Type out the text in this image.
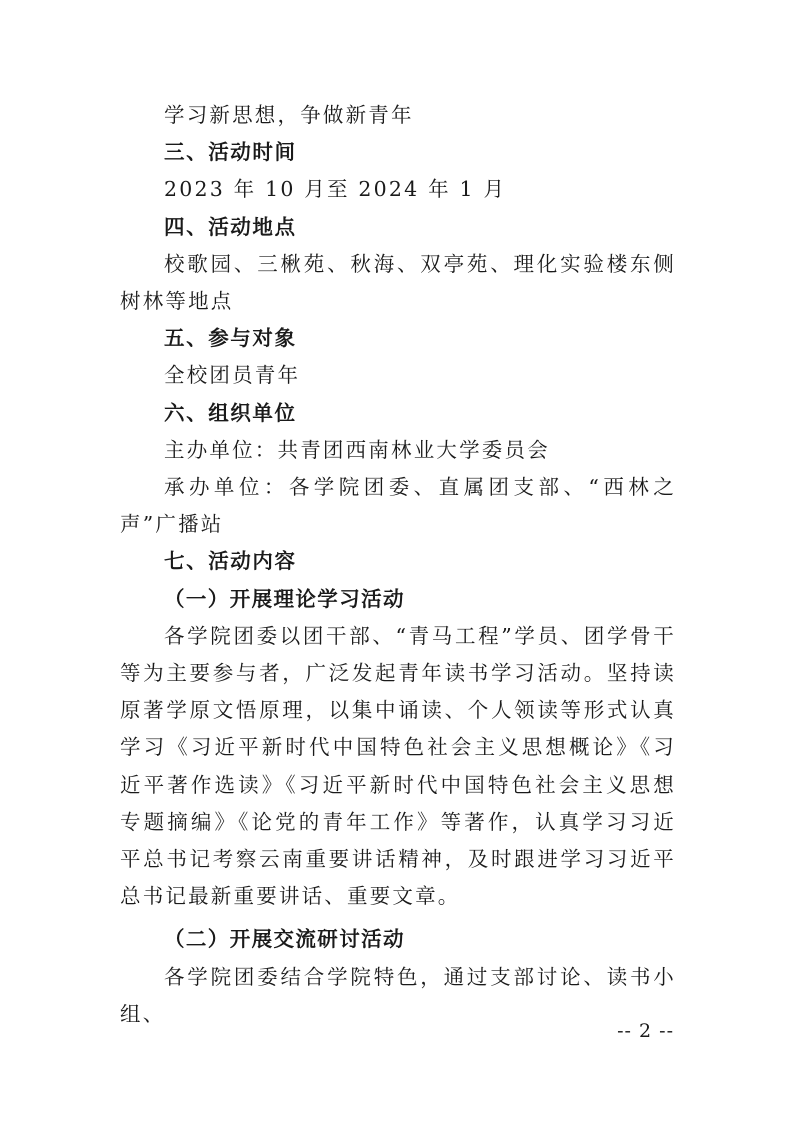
学习新思想，争做新青年
三、活动时间
2023 年 10 月至 2024 年 1 月
四、活动地点

校歌园、三楸苑、秋海、双亭苑、理化实验楼东侧树林等地点

五、参与对象
全校团员青年
六、组织单位
主办单位：共青团西南林业大学委员会

承办单位：各学院团委、直属团支部、“西林之声”广播站

七、活动内容
（一）开展理论学习活动

各学院团委以团干部、“青马工程”学员、团学骨干等为主要参与者，广泛发起青年读书学习活动。坚持读原著学原文悟原理，以集中诵读、个人领读等形式认真学习《习近平新时代中国特色社会主义思想概论》《习近平著作选读》《习近平新时代中国特色社会主义思想专题摘编》《论党的青年工作》等著作，认真学习习近平总书记考察云南重要讲话精神，及时跟进学习习近平总书记最新重要讲话、重要文章。

（二）开展交流研讨活动

各学院团委结合学院特色，通过支部讨论、读书小组、

-- 2 --
